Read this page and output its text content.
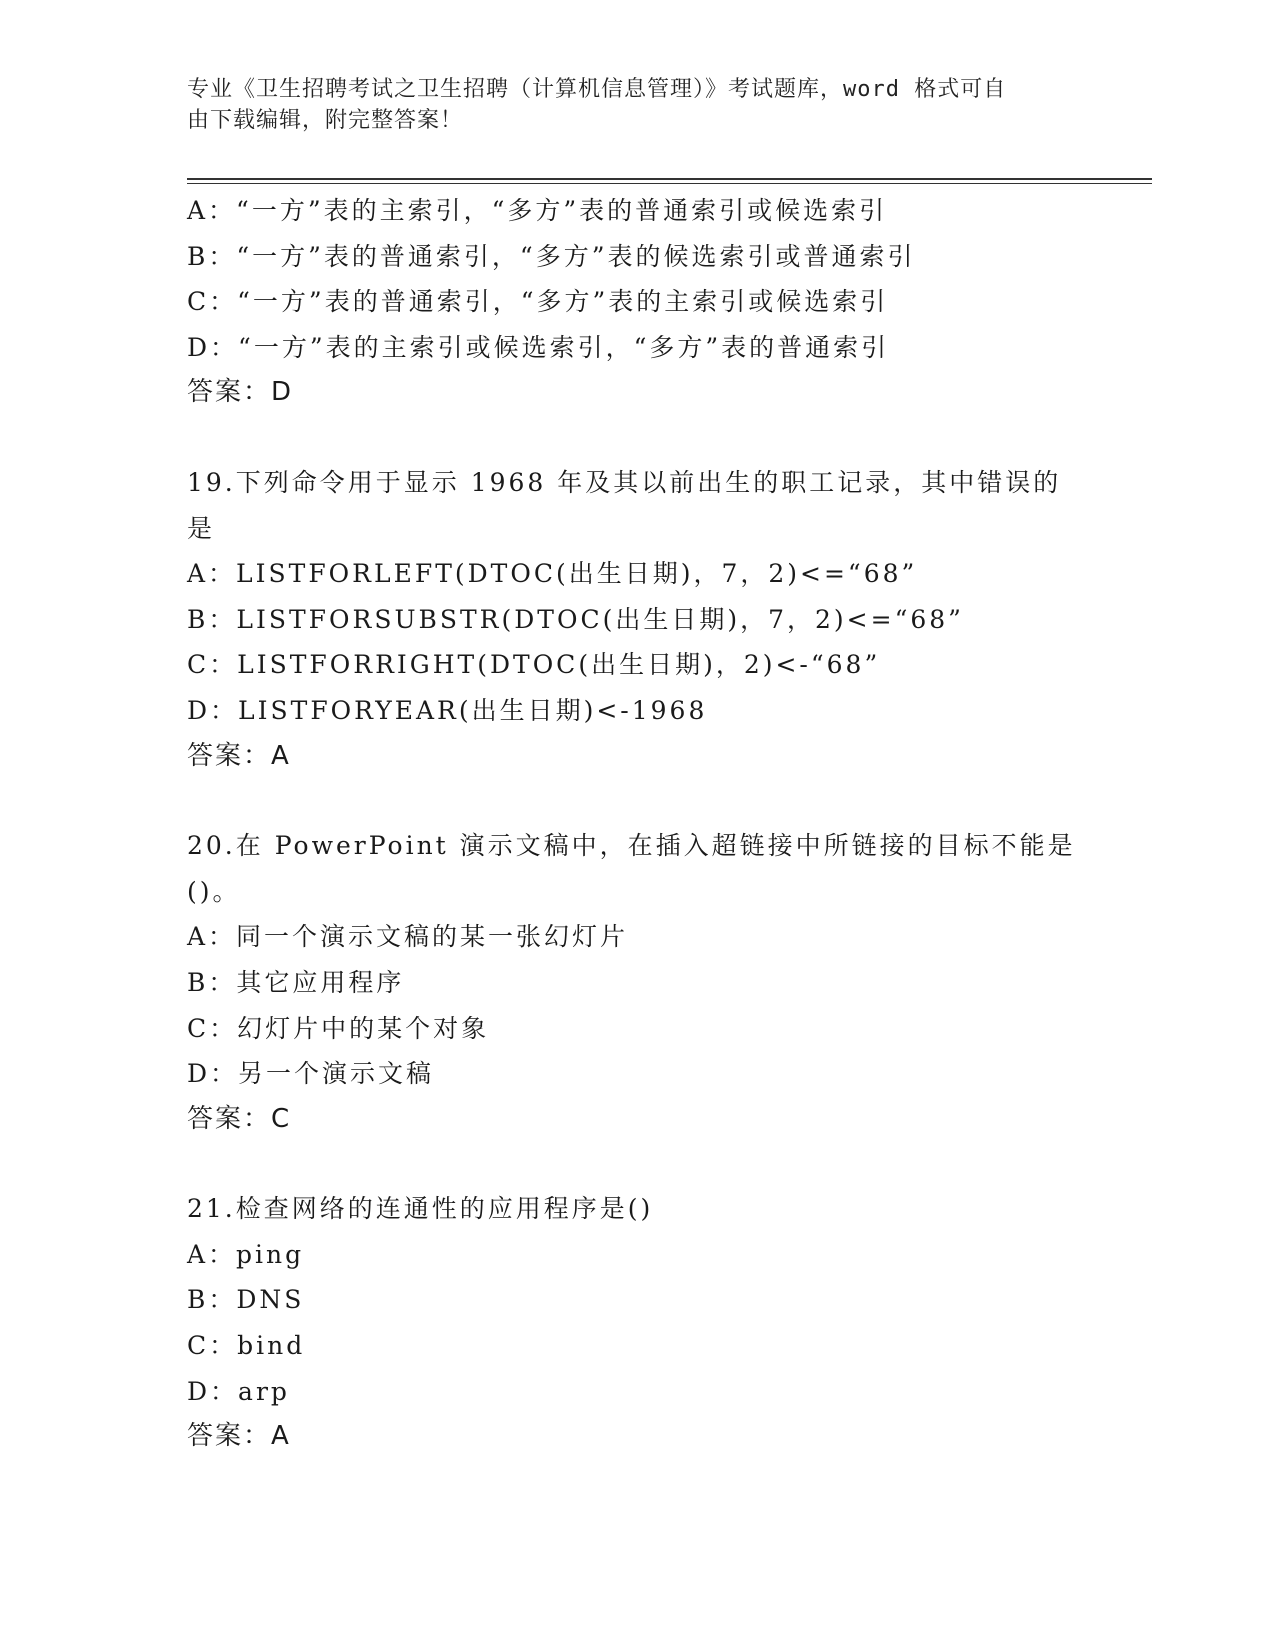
专业《卫生招聘考试之卫生招聘（计算机信息管理）》考试题库，word 格式可自
由下载编辑，附完整答案！
A：“一方”表的主索引，“多方”表的普通索引或候选索引
B：“一方”表的普通索引，“多方”表的候选索引或普通索引
C：“一方”表的普通索引，“多方”表的主索引或候选索引
D：“一方”表的主索引或候选索引，“多方”表的普通索引
答案：D
19.下列命令用于显示 1968 年及其以前出生的职工记录，其中错误的
是
A：LISTFORLEFT(DTOC(出生日期)，7，2)<=“68”
B：LISTFORSUBSTR(DTOC(出生日期)，7，2)<=“68”
C：LISTFORRIGHT(DTOC(出生日期)，2)<-“68”
D：LISTFORYEAR(出生日期)<-1968
答案：A
20.在 PowerPoint 演示文稿中，在插入超链接中所链接的目标不能是
()。
A：同一个演示文稿的某一张幻灯片
B：其它应用程序
C：幻灯片中的某个对象
D：另一个演示文稿
答案：C
21.检查网络的连通性的应用程序是()
A：ping
B：DNS
C：bind
D：arp
答案：A
